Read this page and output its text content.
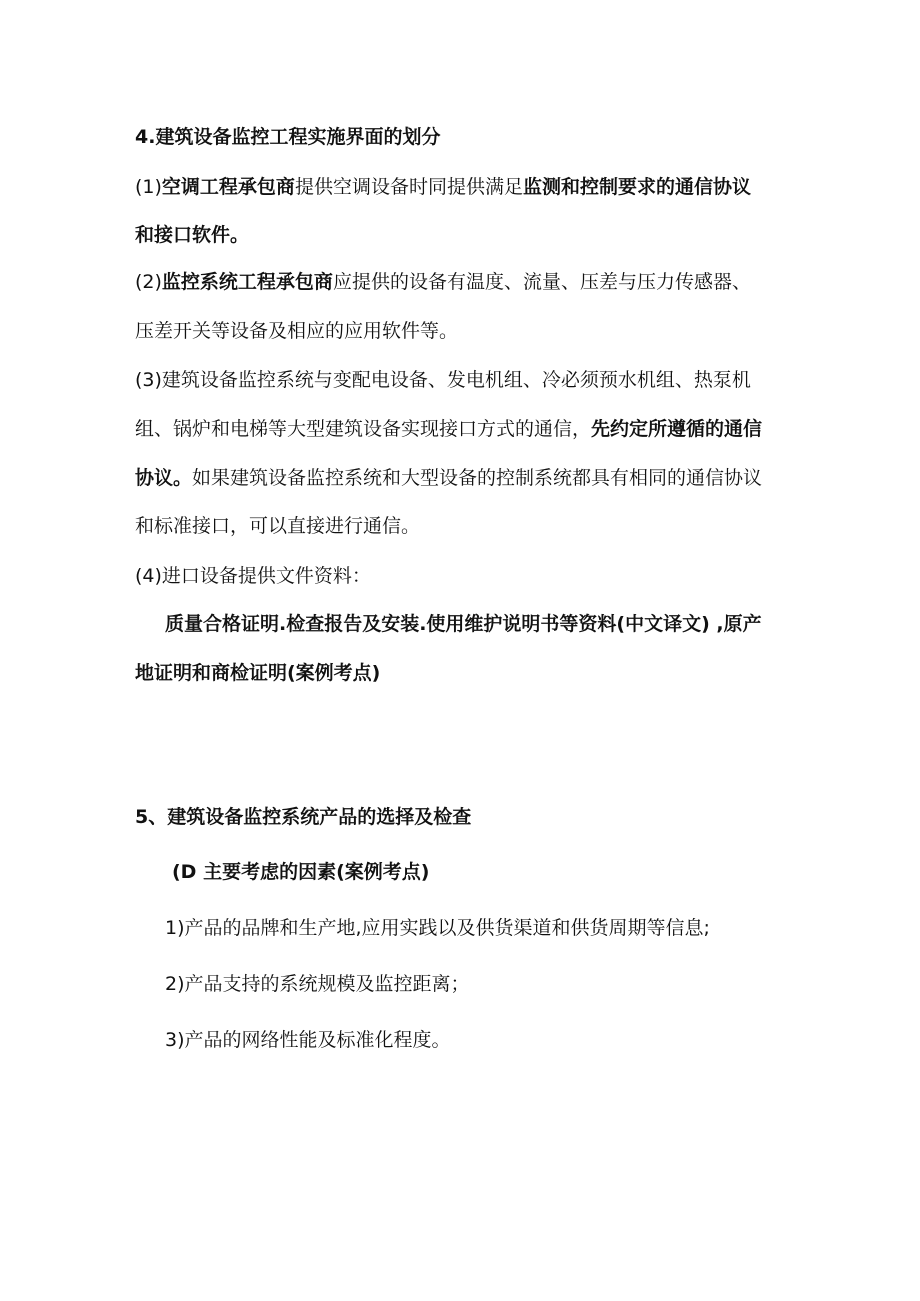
4.建筑设备监控工程实施界面的划分
(1)空调工程承包商提供空调设备时同提供满足监测和控制要求的通信协议
和接口软件。
(2)监控系统工程承包商应提供的设备有温度、流量、压差与压力传感器、
压差开关等设备及相应的应用软件等。
(3)建筑设备监控系统与变配电设备、发电机组、冷必须预水机组、热泵机
组、锅炉和电梯等大型建筑设备实现接口方式的通信，先约定所遵循的通信
协议。如果建筑设备监控系统和大型设备的控制系统都具有相同的通信协议
和标准接口，可以直接进行通信。
(4)进口设备提供文件资料：
质量合格证明.检查报告及安装.使用维护说明书等资料(中文译文) ,原产
地证明和商检证明(案例考点)
5、建筑设备监控系统产品的选择及检查
(D 主要考虑的因素(案例考点)
1)产品的品牌和生产地,应用实践以及供货渠道和供货周期等信息;
2)产品支持的系统规模及监控距离；
3)产品的网络性能及标准化程度。
